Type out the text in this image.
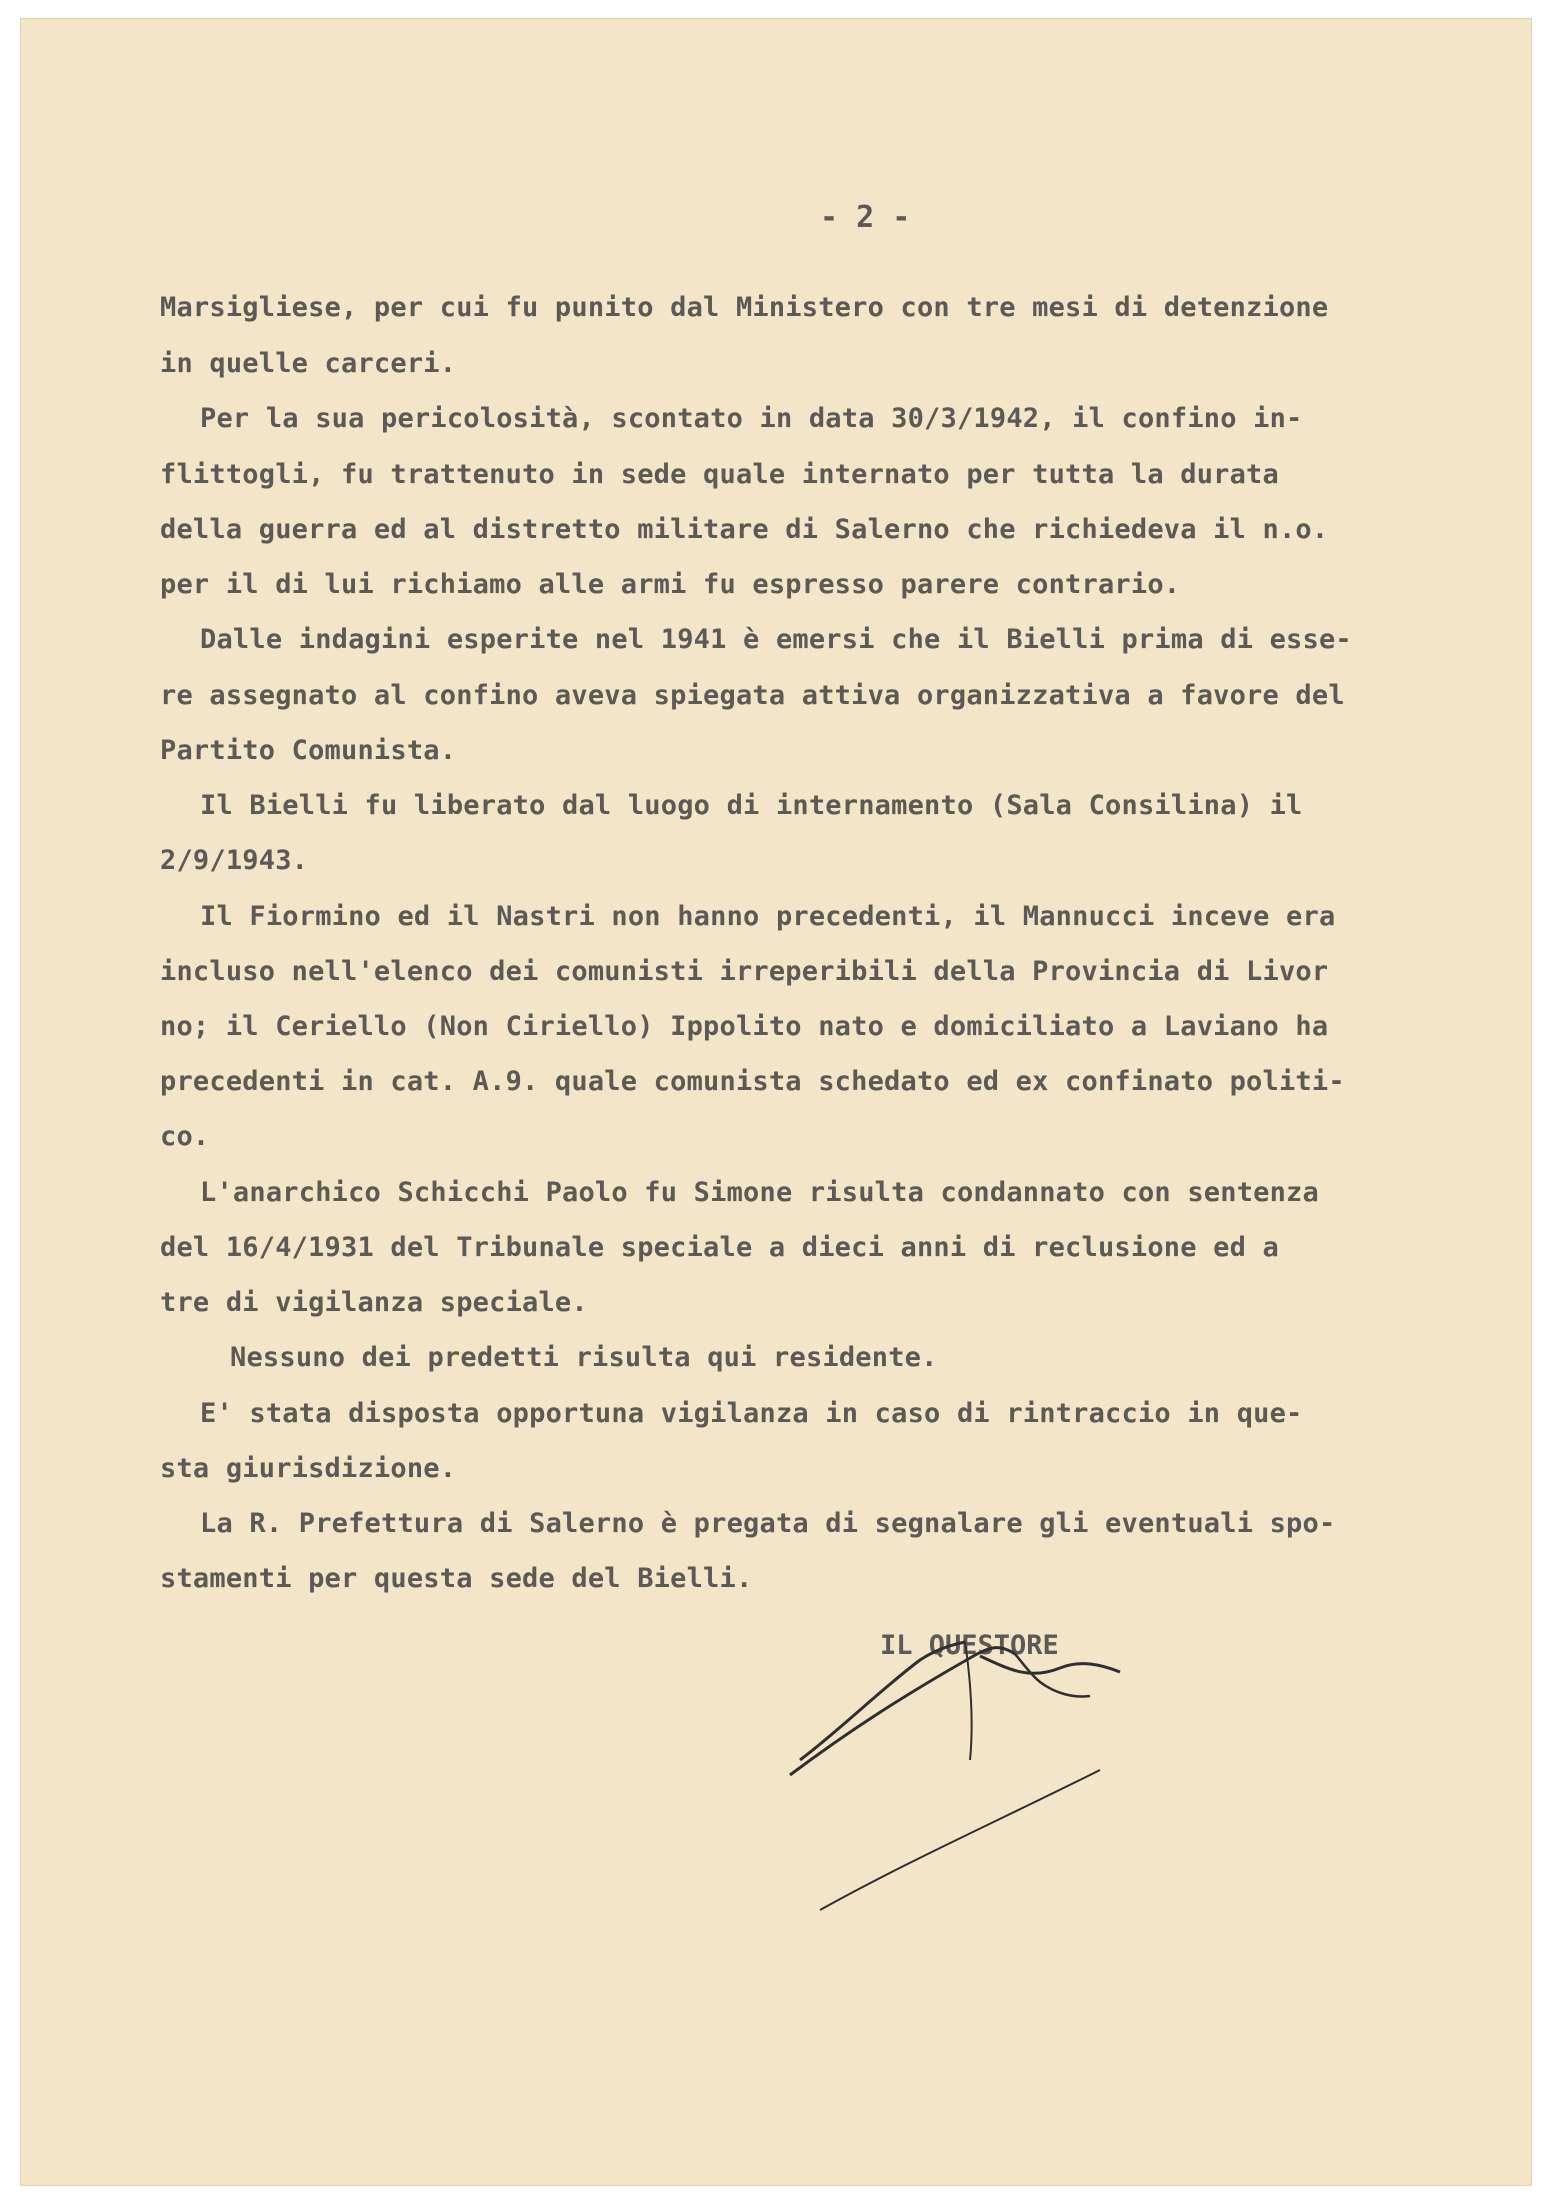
- 2 -
Marsigliese, per cui fu punito dal Ministero con tre mesi di detenzione
in quelle carceri.
Per la sua pericolosità, scontato in data 30/3/1942, il confino in-
flittogli, fu trattenuto in sede quale internato per tutta la durata
della guerra ed al distretto militare di Salerno che richiedeva il n.o.
per il di lui richiamo alle armi fu espresso parere contrario.
Dalle indagini esperite nel 1941 è emersi che il Bielli prima di esse-
re assegnato al confino aveva spiegata attiva organizzativa a favore del
Partito Comunista.
Il Bielli fu liberato dal luogo di internamento (Sala Consilina) il
2/9/1943.
Il Fiormino ed il Nastri non hanno precedenti, il Mannucci inceve era
incluso nell'elenco dei comunisti irreperibili della Provincia di Livor
no; il Ceriello (Non Ciriello) Ippolito nato e domiciliato a Laviano ha
precedenti in cat. A.9. quale comunista schedato ed ex confinato politi-
co.
L'anarchico Schicchi Paolo fu Simone risulta condannato con sentenza
del 16/4/1931 del Tribunale speciale a dieci anni di reclusione ed a
tre di vigilanza speciale.
Nessuno dei predetti risulta qui residente.
E' stata disposta opportuna vigilanza in caso di rintraccio in que-
sta giurisdizione.
La R. Prefettura di Salerno è pregata di segnalare gli eventuali spo-
stamenti per questa sede del Bielli.
IL QUESTORE
